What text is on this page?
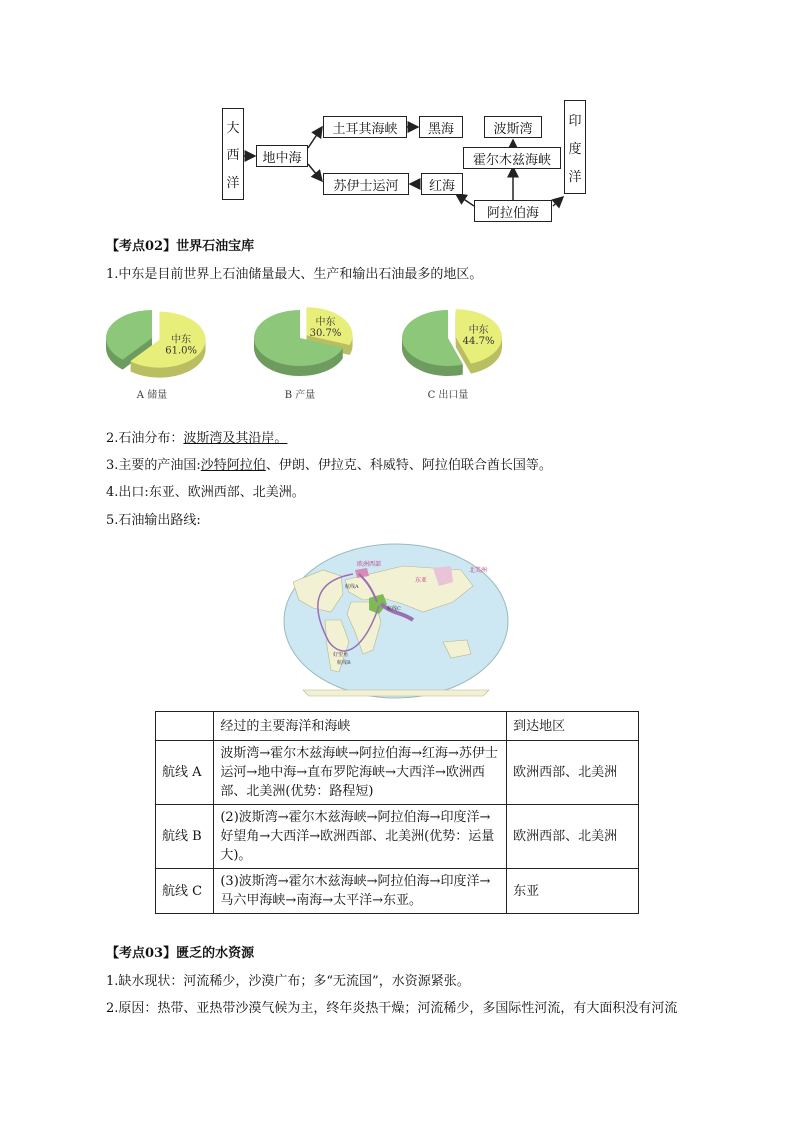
大
西
洋
地中海
土耳其海峡	黑海
苏伊士运河	红海
阿拉伯海
霍尔木兹海峡
波斯湾
印
度
洋
【考点02】世界石油宝库
1.中东是目前世界上石油储量最大、生产和输出石油最多的地区。
中东
61.0%
A 储量
中东
30.7%
B 产量
中东
44.7%
C 出口量
2.石油分布：波斯湾及其沿岸。
3.主要的产油国:沙特阿拉伯、伊朗、伊拉克、科威特、阿拉伯联合酋长国等。
4.出口:东亚、欧洲西部、北美洲。
5.石油输出路线:
欧洲西部
东亚
北美洲
好望角
航线A
航线B
航线C
	经过的主要海洋和海峡	到达地区
航线 A	波斯湾→霍尔木兹海峡→阿拉伯海→红海→苏伊士运河→地中海→直布罗陀海峡→大西洋→欧洲西部、北美洲(优势：路程短)	欧洲西部、北美洲
航线 B	(2)波斯湾→霍尔木兹海峡→阿拉伯海→印度洋→好望角→大西洋→欧洲西部、北美洲(优势：运量大)。	欧洲西部、北美洲
航线 C	(3)波斯湾→霍尔木兹海峡→阿拉伯海→印度洋→马六甲海峡→南海→太平洋→东亚。	东亚
【考点03】匮乏的水资源
1.缺水现状：河流稀少，沙漠广布；多“无流国”，水资源紧张。
2.原因：热带、亚热带沙漠气候为主，终年炎热干燥；河流稀少，多国际性河流，有大面积没有河流
